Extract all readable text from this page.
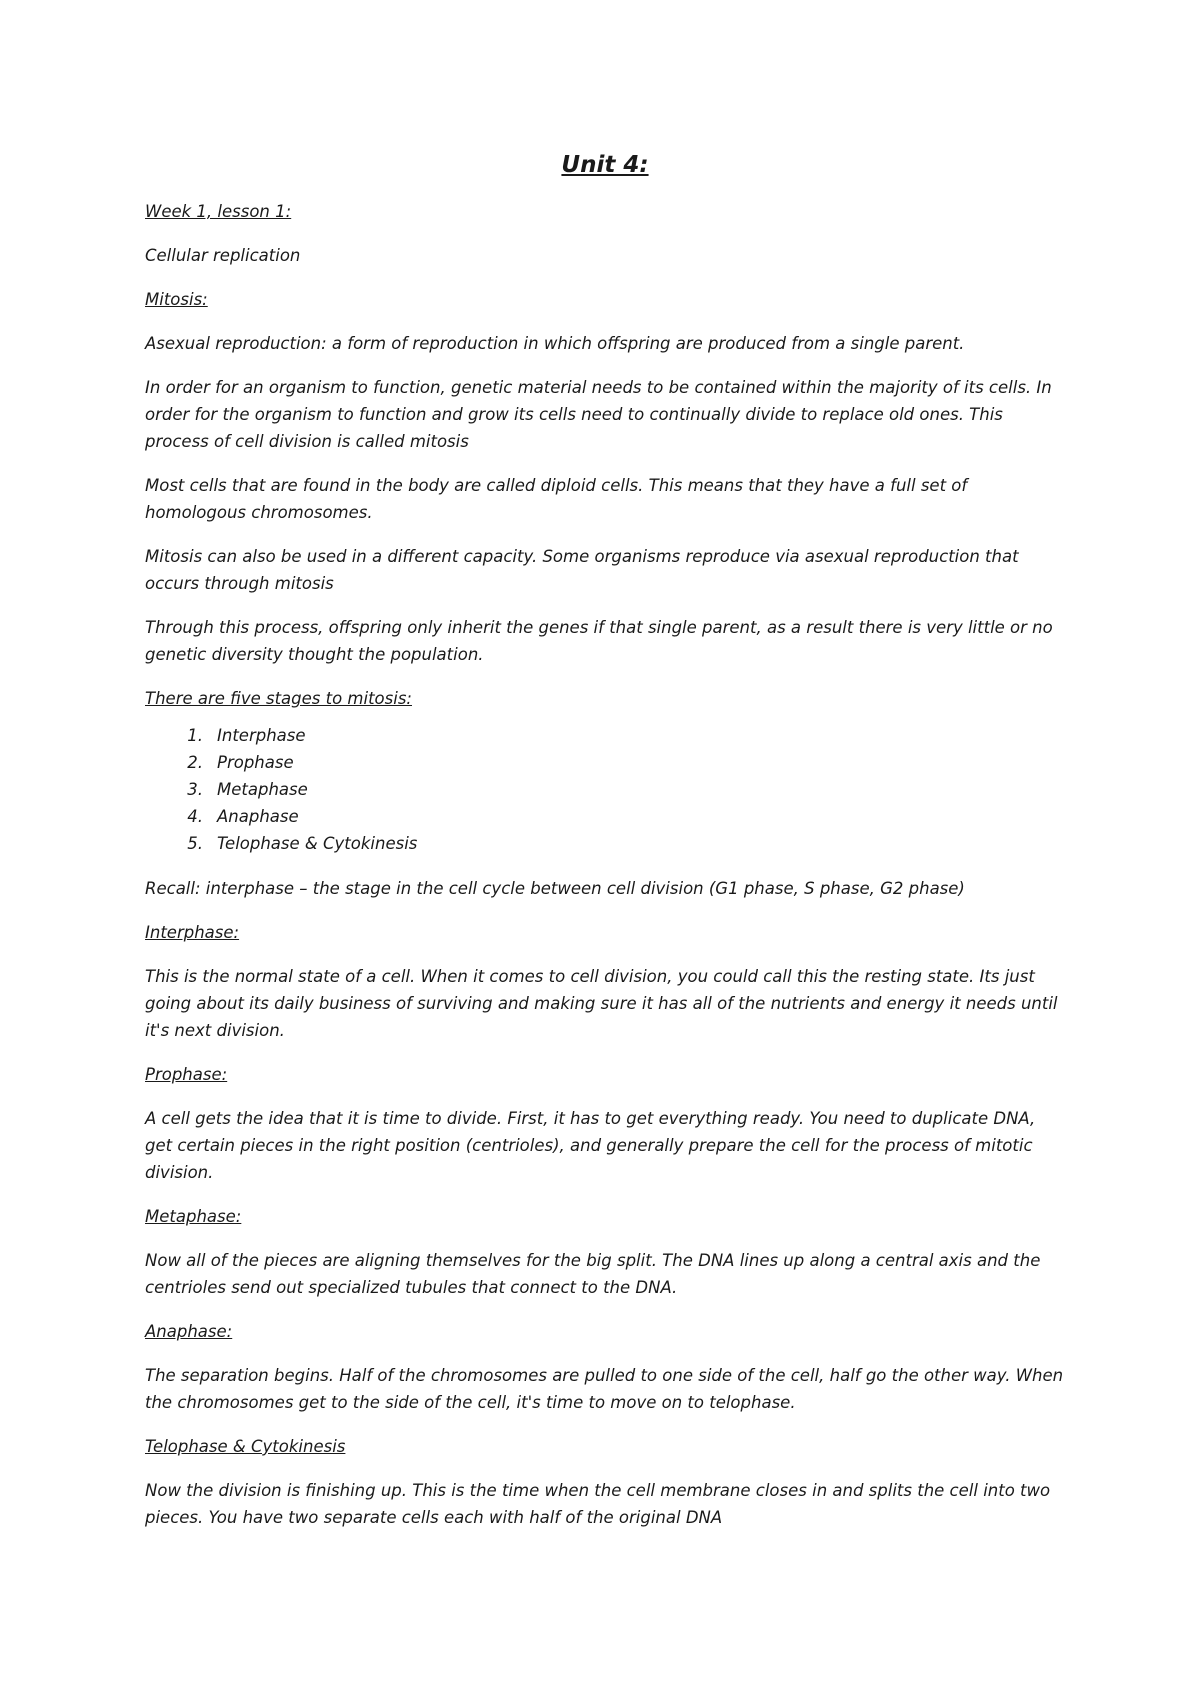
Unit 4:
Week 1, lesson 1:
Cellular replication
Mitosis:
Asexual reproduction: a form of reproduction in which offspring are produced from a single parent.
In order for an organism to function, genetic material needs to be contained within the majority of its cells. In order for the organism to function and grow its cells need to continually divide to replace old ones. This process of cell division is called mitosis
Most cells that are found in the body are called diploid cells. This means that they have a full set of homologous chromosomes.
Mitosis can also be used in a different capacity. Some organisms reproduce via asexual reproduction that occurs through mitosis
Through this process, offspring only inherit the genes if that single parent, as a result there is very little or no genetic diversity thought the population.
There are five stages to mitosis:
1. Interphase
2. Prophase
3. Metaphase
4. Anaphase
5. Telophase & Cytokinesis
Recall: interphase – the stage in the cell cycle between cell division (G1 phase, S phase, G2 phase)
Interphase:
This is the normal state of a cell. When it comes to cell division, you could call this the resting state. Its just going about its daily business of surviving and making sure it has all of the nutrients and energy it needs until it's next division.
Prophase:
A cell gets the idea that it is time to divide. First, it has to get everything ready. You need to duplicate DNA, get certain pieces in the right position (centrioles), and generally prepare the cell for the process of mitotic division.
Metaphase:
Now all of the pieces are aligning themselves for the big split. The DNA lines up along a central axis and the centrioles send out specialized tubules that connect to the DNA.
Anaphase:
The separation begins. Half of the chromosomes are pulled to one side of the cell, half go the other way. When the chromosomes get to the side of the cell, it's time to move on to telophase.
Telophase & Cytokinesis
Now the division is finishing up. This is the time when the cell membrane closes in and splits the cell into two pieces. You have two separate cells each with half of the original DNA
